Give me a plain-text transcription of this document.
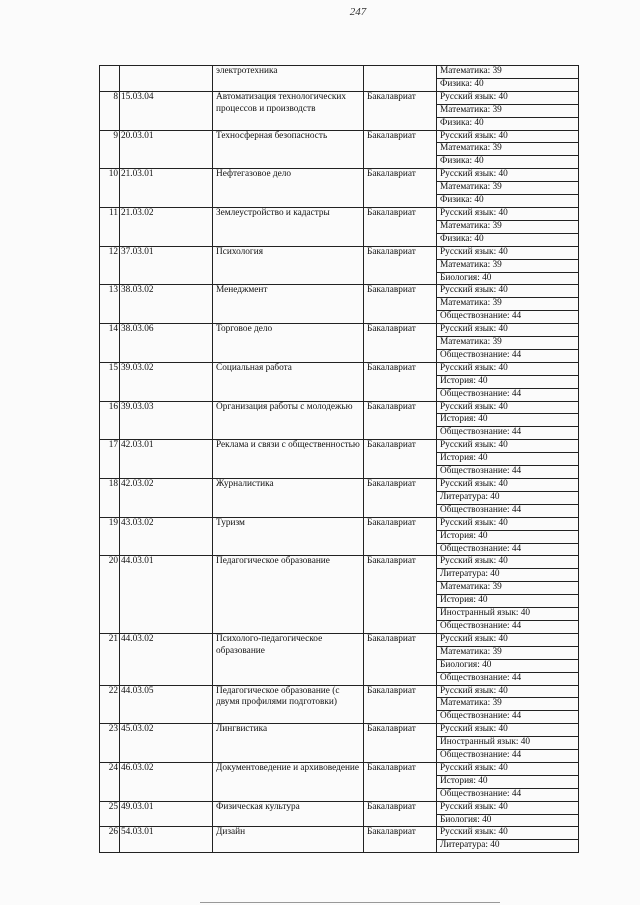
247
		электротехника		Математика: 39
				Физика: 40
8	15.03.04	Автоматизация технологических процессов и производств	Бакалавриат	Русский язык: 40
				Математика: 39
				Физика: 40
9	20.03.01	Техносферная безопасность	Бакалавриат	Русский язык: 40
				Математика: 39
				Физика: 40
10	21.03.01	Нефтегазовое дело	Бакалавриат	Русский язык: 40
				Математика: 39
				Физика: 40
11	21.03.02	Землеустройство и кадастры	Бакалавриат	Русский язык: 40
				Математика: 39
				Физика: 40
12	37.03.01	Психология	Бакалавриат	Русский язык: 40
				Математика: 39
				Биология: 40
13	38.03.02	Менеджмент	Бакалавриат	Русский язык: 40
				Математика: 39
				Обществознание: 44
14	38.03.06	Торговое дело	Бакалавриат	Русский язык: 40
				Математика: 39
				Обществознание: 44
15	39.03.02	Социальная работа	Бакалавриат	Русский язык: 40
				История: 40
				Обществознание: 44
16	39.03.03	Организация работы с молодежью	Бакалавриат	Русский язык: 40
				История: 40
				Обществознание: 44
17	42.03.01	Реклама и связи с общественностью	Бакалавриат	Русский язык: 40
				История: 40
				Обществознание: 44
18	42.03.02	Журналистика	Бакалавриат	Русский язык: 40
				Литература: 40
				Обществознание: 44
19	43.03.02	Туризм	Бакалавриат	Русский язык: 40
				История: 40
				Обществознание: 44
20	44.03.01	Педагогическое образование	Бакалавриат	Русский язык: 40
				Литература: 40
				Математика: 39
				История: 40
				Иностранный язык: 40
				Обществознание: 44
21	44.03.02	Психолого-педагогическое образование	Бакалавриат	Русский язык: 40
				Математика: 39
				Биология: 40
				Обществознание: 44
22	44.03.05	Педагогическое образование (с двумя профилями подготовки)	Бакалавриат	Русский язык: 40
				Математика: 39
				Обществознание: 44
23	45.03.02	Лингвистика	Бакалавриат	Русский язык: 40
				Иностранный язык: 40
				Обществознание: 44
24	46.03.02	Документоведение и архивоведение	Бакалавриат	Русский язык: 40
				История: 40
				Обществознание: 44
25	49.03.01	Физическая культура	Бакалавриат	Русский язык: 40
				Биология: 40
26	54.03.01	Дизайн	Бакалавриат	Русский язык: 40
				Литература: 40
